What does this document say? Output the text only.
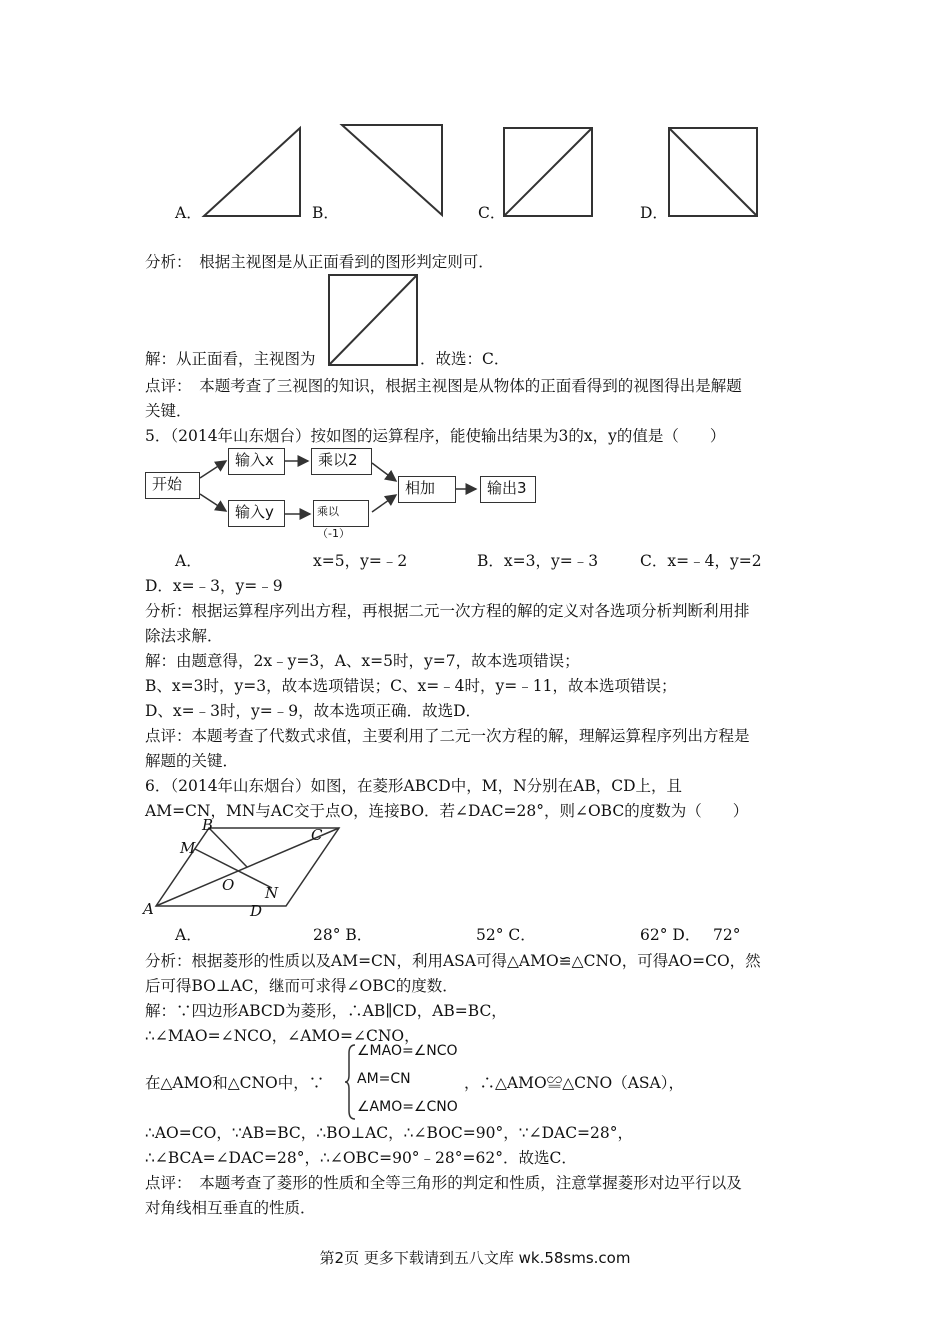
A．	B．	C．	D．
分析：　根据主视图是从正面看到的图形判定则可．
解：从正面看，主视图为	．故选：C．
点评：　本题考查了三视图的知识，根据主视图是从物体的正面看得到的视图得出是解题
关键．
5．（2014年山东烟台）按如图的运算程序，能使输出结果为3的x，y的值是（　　）
开始
输入x
输入y
乘以2
乘以（-1）
相加	输出3
A．	x=5，y=﹣2	B．x=3，y=﹣3	C．x=﹣4，y=2
D．x=﹣3，y=﹣9
分析：根据运算程序列出方程，再根据二元一次方程的解的定义对各选项分析判断利用排
除法求解．
解：由题意得，2x﹣y=3，A、x=5时，y=7，故本选项错误；
B、x=3时，y=3，故本选项错误；C、x=﹣4时，y=﹣11，故本选项错误；
D、x=﹣3时，y=﹣9，故本选项正确．故选D．
点评：本题考查了代数式求值，主要利用了二元一次方程的解，理解运算程序列出方程是
解题的关键．
6．（2014年山东烟台）如图，在菱形ABCD中，M，N分别在AB，CD上，且
AM=CN，MN与AC交于点O，连接BO．若∠DAC=28°，则∠OBC的度数为（　　）
A
B
C
D
M
N
O
A．	28° B．	52° C．	62° D． 72°
分析：根据菱形的性质以及AM=CN，利用ASA可得△AMO≌△CNO，可得AO=CO，然
后可得BO⊥AC，继而可求得∠OBC的度数．
解：∵四边形ABCD为菱形，∴AB∥CD，AB=BC，
∴∠MAO=∠NCO，∠AMO=∠CNO，
在△AMO和△CNO中，∵
∠MAO=∠NCO
AM=CN
∠AMO=∠CNO
，∴△AMO≌△CNO（ASA），
∴AO=CO，∵AB=BC，∴BO⊥AC，∴∠BOC=90°，∵∠DAC=28°，
∴∠BCA=∠DAC=28°，∴∠OBC=90°﹣28°=62°．故选C．
点评：　本题考查了菱形的性质和全等三角形的判定和性质，注意掌握菱形对边平行以及
对角线相互垂直的性质．
第2页 更多下载请到五八文库 wk.58sms.com
